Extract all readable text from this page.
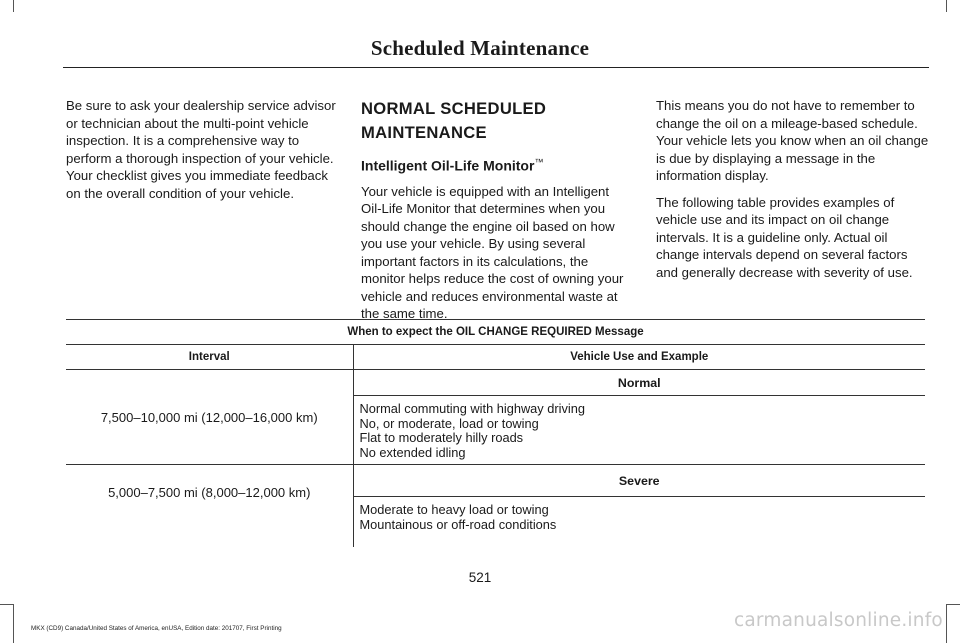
Scheduled Maintenance

Be sure to ask your dealership service advisor or technician about the multi-point vehicle inspection. It is a comprehensive way to perform a thorough inspection of your vehicle. Your checklist gives you immediate feedback on the overall condition of your vehicle.

NORMAL SCHEDULED
MAINTENANCE
Intelligent Oil-Life Monitor™

Your vehicle is equipped with an Intelligent Oil-Life Monitor that determines when you should change the engine oil based on how you use your vehicle. By using several important factors in its calculations, the monitor helps reduce the cost of owning your vehicle and reduces environmental waste at the same time.

This means you do not have to remember to change the oil on a mileage-based schedule. Your vehicle lets you know when an oil change is due by displaying a message in the information display.

The following table provides examples of vehicle use and its impact on oil change intervals. It is a guideline only. Actual oil change intervals depend on several factors and generally decrease with severity of use.

When to expect the OIL CHANGE REQUIRED Message	
Interval	Vehicle Use and Example
7,500–10,000 mi (12,000–16,000 km)	Normal

	Normal commuting with highway driving
No, or moderate, load or towing
Flat to moderately hilly roads
No extended idling

5,000–7,500 mi (8,000–12,000 km)	Severe

	Moderate to heavy load or towing
Mountainous or off-road conditions
521
MKX (CD9) Canada/United States of America, enUSA, Edition date: 201707, First Printing	carmanualsonline.info
